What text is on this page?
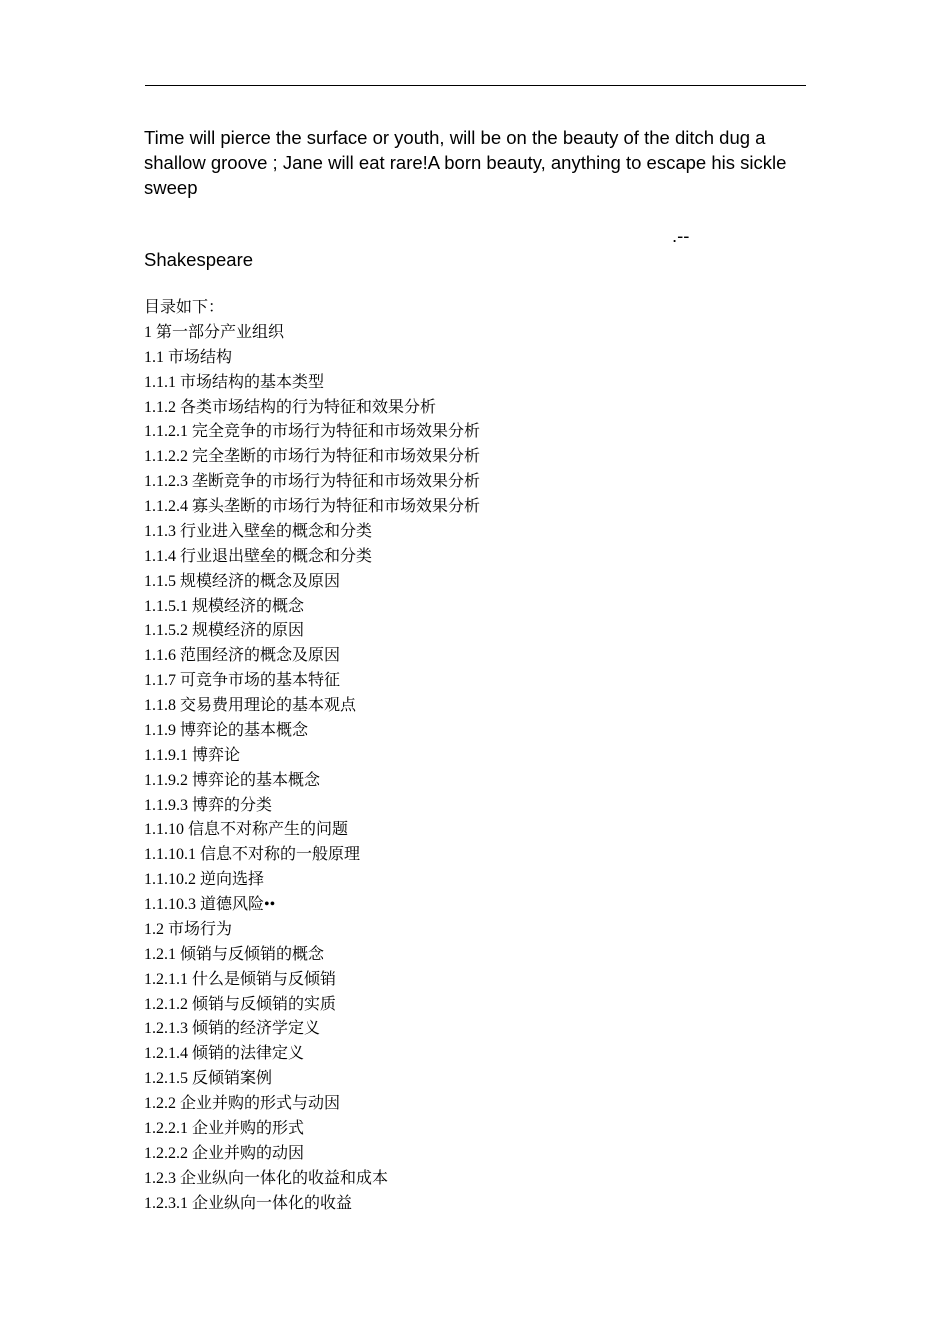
Time will pierce the surface or youth, will be on the beauty of the ditch dug a shallow groove ; Jane will eat rare!A born beauty, anything to escape his sickle sweep

.--

Shakespeare

目录如下：
1 第一部分产业组织
1.1 市场结构
1.1.1 市场结构的基本类型
1.1.2 各类市场结构的行为特征和效果分析
1.1.2.1 完全竞争的市场行为特征和市场效果分析
1.1.2.2 完全垄断的市场行为特征和市场效果分析
1.1.2.3 垄断竞争的市场行为特征和市场效果分析
1.1.2.4 寡头垄断的市场行为特征和市场效果分析
1.1.3 行业进入壁垒的概念和分类
1.1.4 行业退出壁垒的概念和分类
1.1.5 规模经济的概念及原因
1.1.5.1 规模经济的概念
1.1.5.2 规模经济的原因
1.1.6 范围经济的概念及原因
1.1.7 可竞争市场的基本特征
1.1.8 交易费用理论的基本观点
1.1.9 博弈论的基本概念
1.1.9.1 博弈论
1.1.9.2 博弈论的基本概念
1.1.9.3 博弈的分类
1.1.10 信息不对称产生的问题
1.1.10.1 信息不对称的一般原理
1.1.10.2 逆向选择
1.1.10.3 道德风险••
1.2 市场行为
1.2.1 倾销与反倾销的概念
1.2.1.1 什么是倾销与反倾销
1.2.1.2 倾销与反倾销的实质
1.2.1.3 倾销的经济学定义
1.2.1.4 倾销的法律定义
1.2.1.5 反倾销案例
1.2.2 企业并购的形式与动因
1.2.2.1 企业并购的形式
1.2.2.2 企业并购的动因
1.2.3 企业纵向一体化的收益和成本
1.2.3.1 企业纵向一体化的收益
